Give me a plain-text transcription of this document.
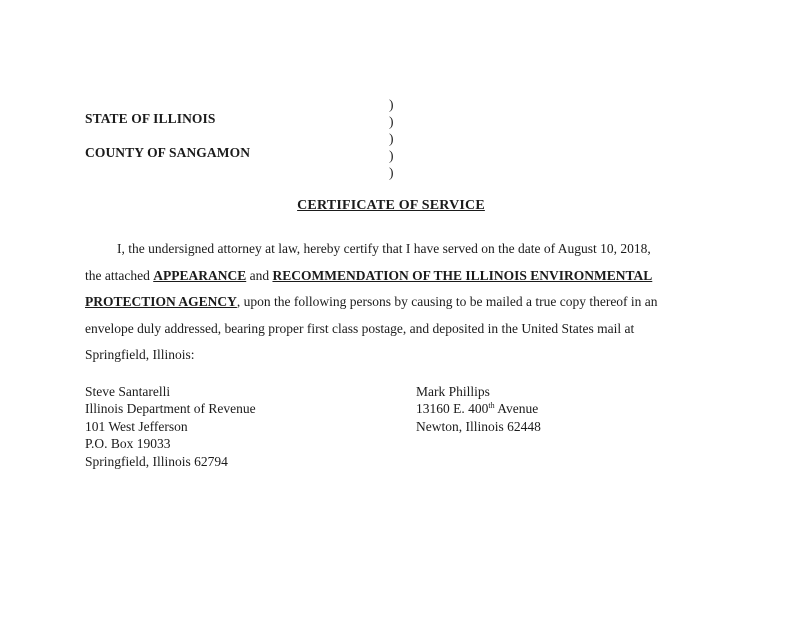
STATE OF ILLINOIS
COUNTY OF SANGAMON
)
)
)
)
)
CERTIFICATE OF SERVICE
I, the undersigned attorney at law, hereby certify that I have served on the date of August 10, 2018,
the attached APPEARANCE and RECOMMENDATION OF THE ILLINOIS ENVIRONMENTAL
PROTECTION AGENCY, upon the following persons by causing to be mailed a true copy thereof in an
envelope duly addressed, bearing proper first class postage, and deposited in the United States mail at
Springfield, Illinois:
Steve Santarelli
Illinois Department of Revenue
101 West Jefferson
P.O. Box 19033
Springfield, Illinois 62794
Mark Phillips
13160 E. 400th Avenue
Newton, Illinois 62448
